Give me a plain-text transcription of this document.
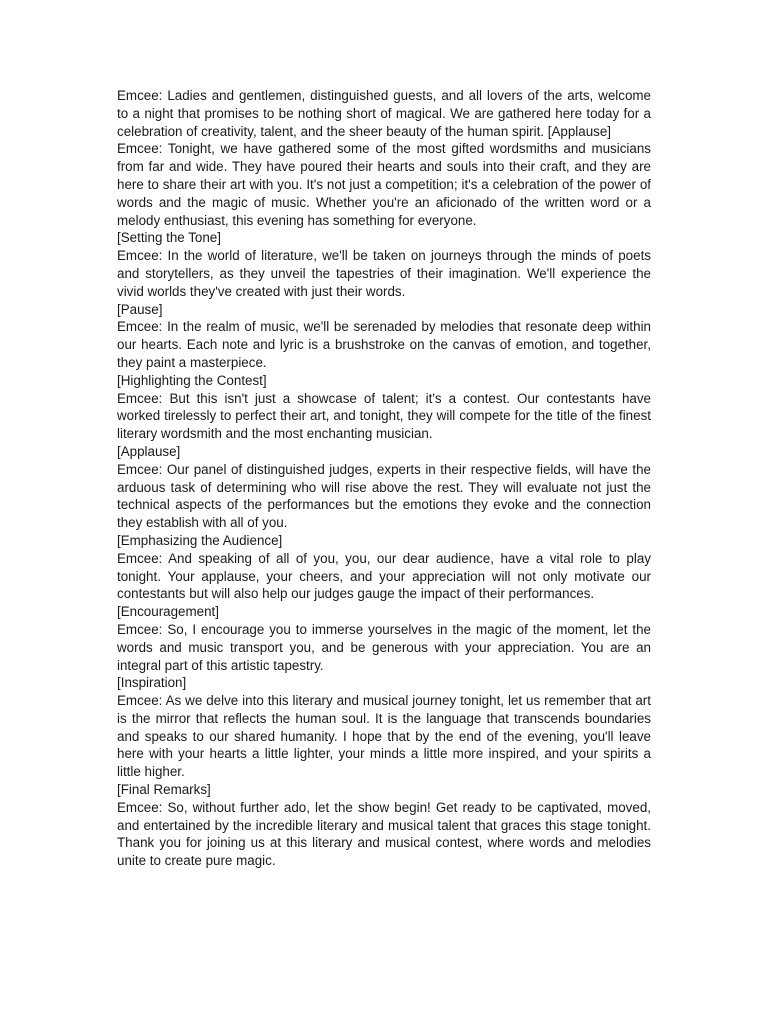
Emcee: Ladies and gentlemen, distinguished guests, and all lovers of the arts, welcome to a night that promises to be nothing short of magical. We are gathered here today for a celebration of creativity, talent, and the sheer beauty of the human spirit. [Applause]

Emcee: Tonight, we have gathered some of the most gifted wordsmiths and musicians from far and wide. They have poured their hearts and souls into their craft, and they are here to share their art with you. It's not just a competition; it's a celebration of the power of words and the magic of music. Whether you're an aficionado of the written word or a melody enthusiast, this evening has something for everyone.

[Setting the Tone]

Emcee: In the world of literature, we'll be taken on journeys through the minds of poets and storytellers, as they unveil the tapestries of their imagination. We'll experience the vivid worlds they've created with just their words.

[Pause]

Emcee: In the realm of music, we'll be serenaded by melodies that resonate deep within our hearts. Each note and lyric is a brushstroke on the canvas of emotion, and together, they paint a masterpiece.

[Highlighting the Contest]

Emcee: But this isn't just a showcase of talent; it's a contest. Our contestants have worked tirelessly to perfect their art, and tonight, they will compete for the title of the finest literary wordsmith and the most enchanting musician.

[Applause]

Emcee: Our panel of distinguished judges, experts in their respective fields, will have the arduous task of determining who will rise above the rest. They will evaluate not just the technical aspects of the performances but the emotions they evoke and the connection they establish with all of you.

[Emphasizing the Audience]

Emcee: And speaking of all of you, you, our dear audience, have a vital role to play tonight. Your applause, your cheers, and your appreciation will not only motivate our contestants but will also help our judges gauge the impact of their performances.

[Encouragement]

Emcee: So, I encourage you to immerse yourselves in the magic of the moment, let the words and music transport you, and be generous with your appreciation. You are an integral part of this artistic tapestry.

[Inspiration]

Emcee: As we delve into this literary and musical journey tonight, let us remember that art is the mirror that reflects the human soul. It is the language that transcends boundaries and speaks to our shared humanity. I hope that by the end of the evening, you'll leave here with your hearts a little lighter, your minds a little more inspired, and your spirits a little higher.

[Final Remarks]

Emcee: So, without further ado, let the show begin! Get ready to be captivated, moved, and entertained by the incredible literary and musical talent that graces this stage tonight. Thank you for joining us at this literary and musical contest, where words and melodies unite to create pure magic.
